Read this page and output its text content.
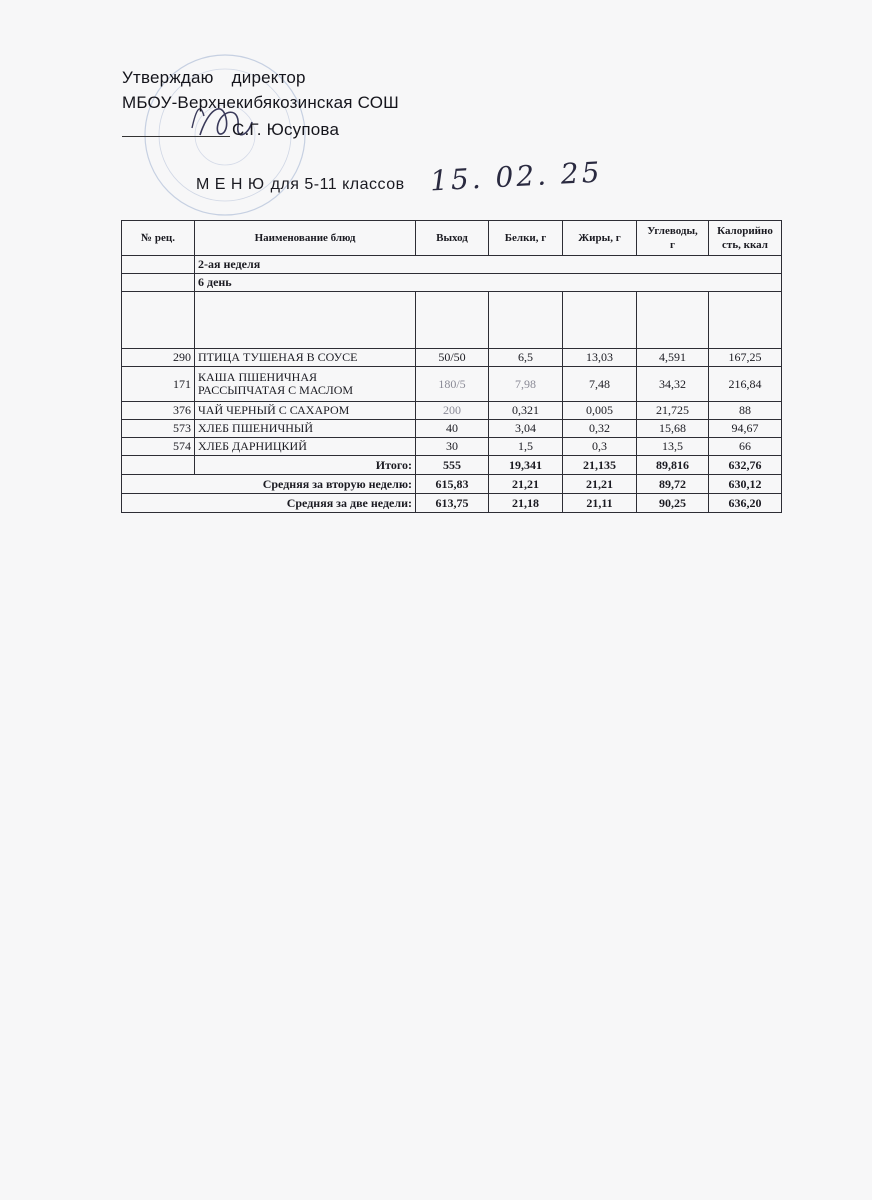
Утверждаю директор
МБОУ-Верхнекибякозинская СОШ
С.Г. Юсупова
М Е Н Ю для 5-11 классов 15. 02. 25
№ рец.	Наименование блюд	Выход	Белки, г	Жиры, г	Углеводы,
г	Калорийно
сть, ккал
	2-ая неделя					
	6 день					

290	ПТИЦА ТУШЕНАЯ В СОУСЕ	50/50	6,5	13,03	4,591	167,25
171	КАША ПШЕНИЧНАЯ
РАССЫПЧАТАЯ С МАСЛОМ	180/5	7,98	7,48	34,32	216,84
376	ЧАЙ ЧЕРНЫЙ С САХАРОМ	200	0,321	0,005	21,725	88
573	ХЛЕБ ПШЕНИЧНЫЙ	40	3,04	0,32	15,68	94,67
574	ХЛЕБ ДАРНИЦКИЙ	30	1,5	0,3	13,5	66
	Итого:	555	19,341	21,135	89,816	632,76
Средняя за вторую неделю:		615,83	21,21	21,21	89,72	630,12
Средняя за две недели:		613,75	21,18	21,11	90,25	636,20
